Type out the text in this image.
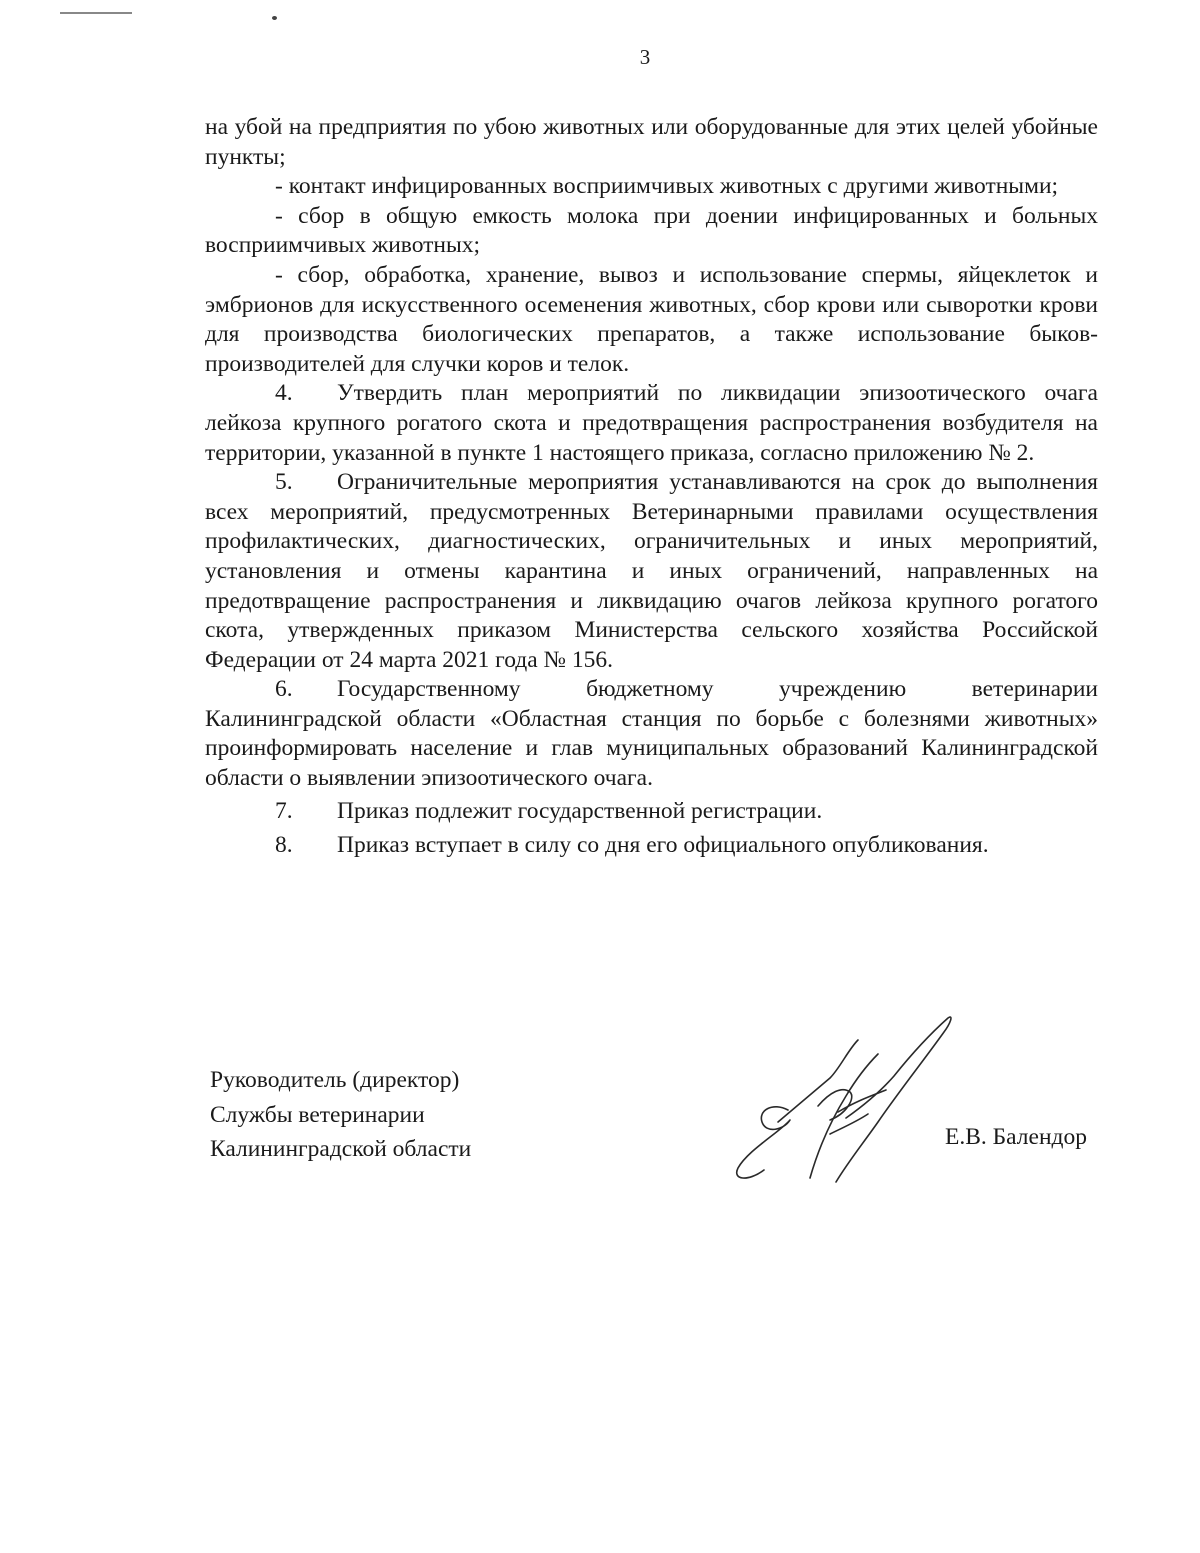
3

на убой на предприятия по убою животных или оборудованные для этих целей убойные пункты;

- контакт инфицированных восприимчивых животных с другими животными;

- сбор в общую емкость молока при доении инфицированных и больных восприимчивых животных;

- сбор, обработка, хранение, вывоз и использование спермы, яйцеклеток и эмбрионов для искусственного осеменения животных, сбор крови или сыворотки крови для производства биологических препаратов, а также использование быков-производителей для случки коров и телок.

4. Утвердить план мероприятий по ликвидации эпизоотического очага лейкоза крупного рогатого скота и предотвращения распространения возбудителя на территории, указанной в пункте 1 настоящего приказа, согласно приложению № 2.

5. Ограничительные мероприятия устанавливаются на срок до выполнения всех мероприятий, предусмотренных Ветеринарными правилами осуществления профилактических, диагностических, ограничительных и иных мероприятий, установления и отмены карантина и иных ограничений, направленных на предотвращение распространения и ликвидацию очагов лейкоза крупного рогатого скота, утвержденных приказом Министерства сельского хозяйства Российской Федерации от 24 марта 2021 года № 156.

6. Государственному бюджетному учреждению ветеринарии Калининградской области «Областная станция по борьбе с болезнями животных» проинформировать население и глав муниципальных образований Калининградской области о выявлении эпизоотического очага.

7. Приказ подлежит государственной регистрации.

8. Приказ вступает в силу со дня его официального опубликования.

Руководитель (директор)
Службы ветеринарии
Калининградской области	Е.В. Балендор
